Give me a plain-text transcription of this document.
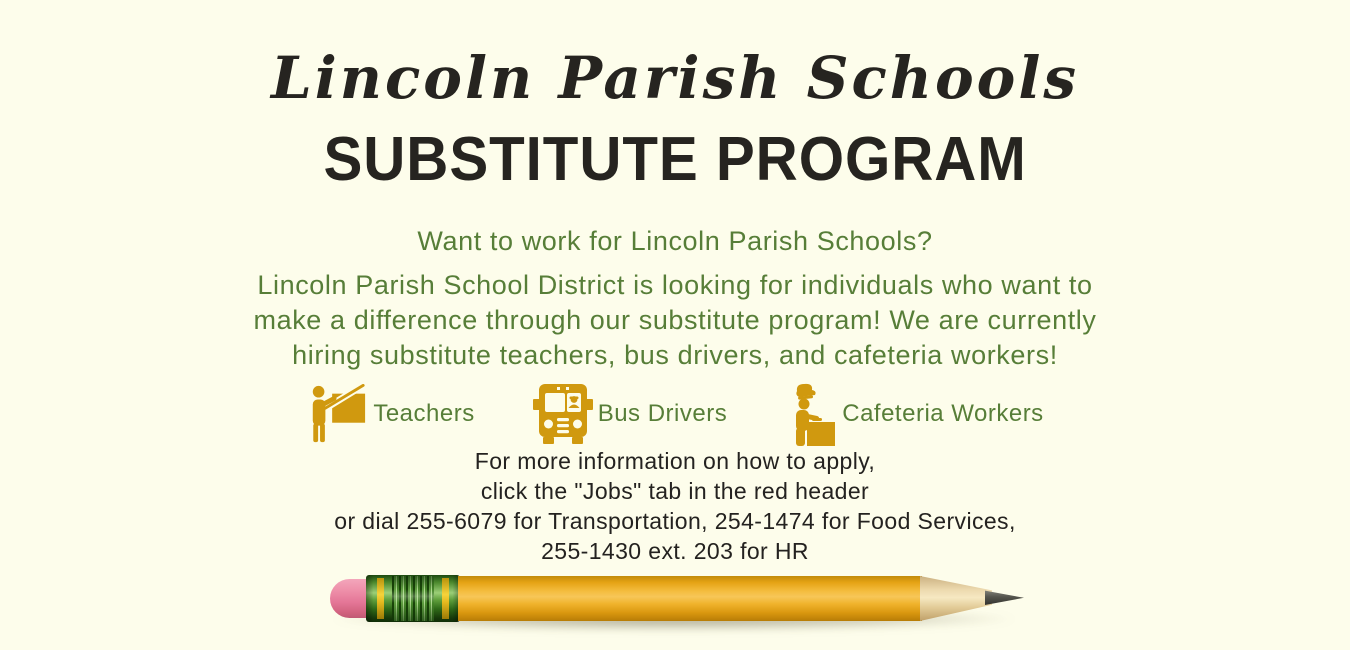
Lincoln Parish Schools
SUBSTITUTE PROGRAM
Want to work for Lincoln Parish Schools?
Lincoln Parish School District is looking for individuals who want to
make a difference through our substitute program! We are currently
hiring substitute teachers, bus drivers, and cafeteria workers!
Teachers	Bus Drivers	Cafeteria Workers
For more information on how to apply,
click the "Jobs" tab in the red header
or dial 255-6079 for Transportation, 254-1474 for Food Services,
255-1430 ext. 203 for HR
